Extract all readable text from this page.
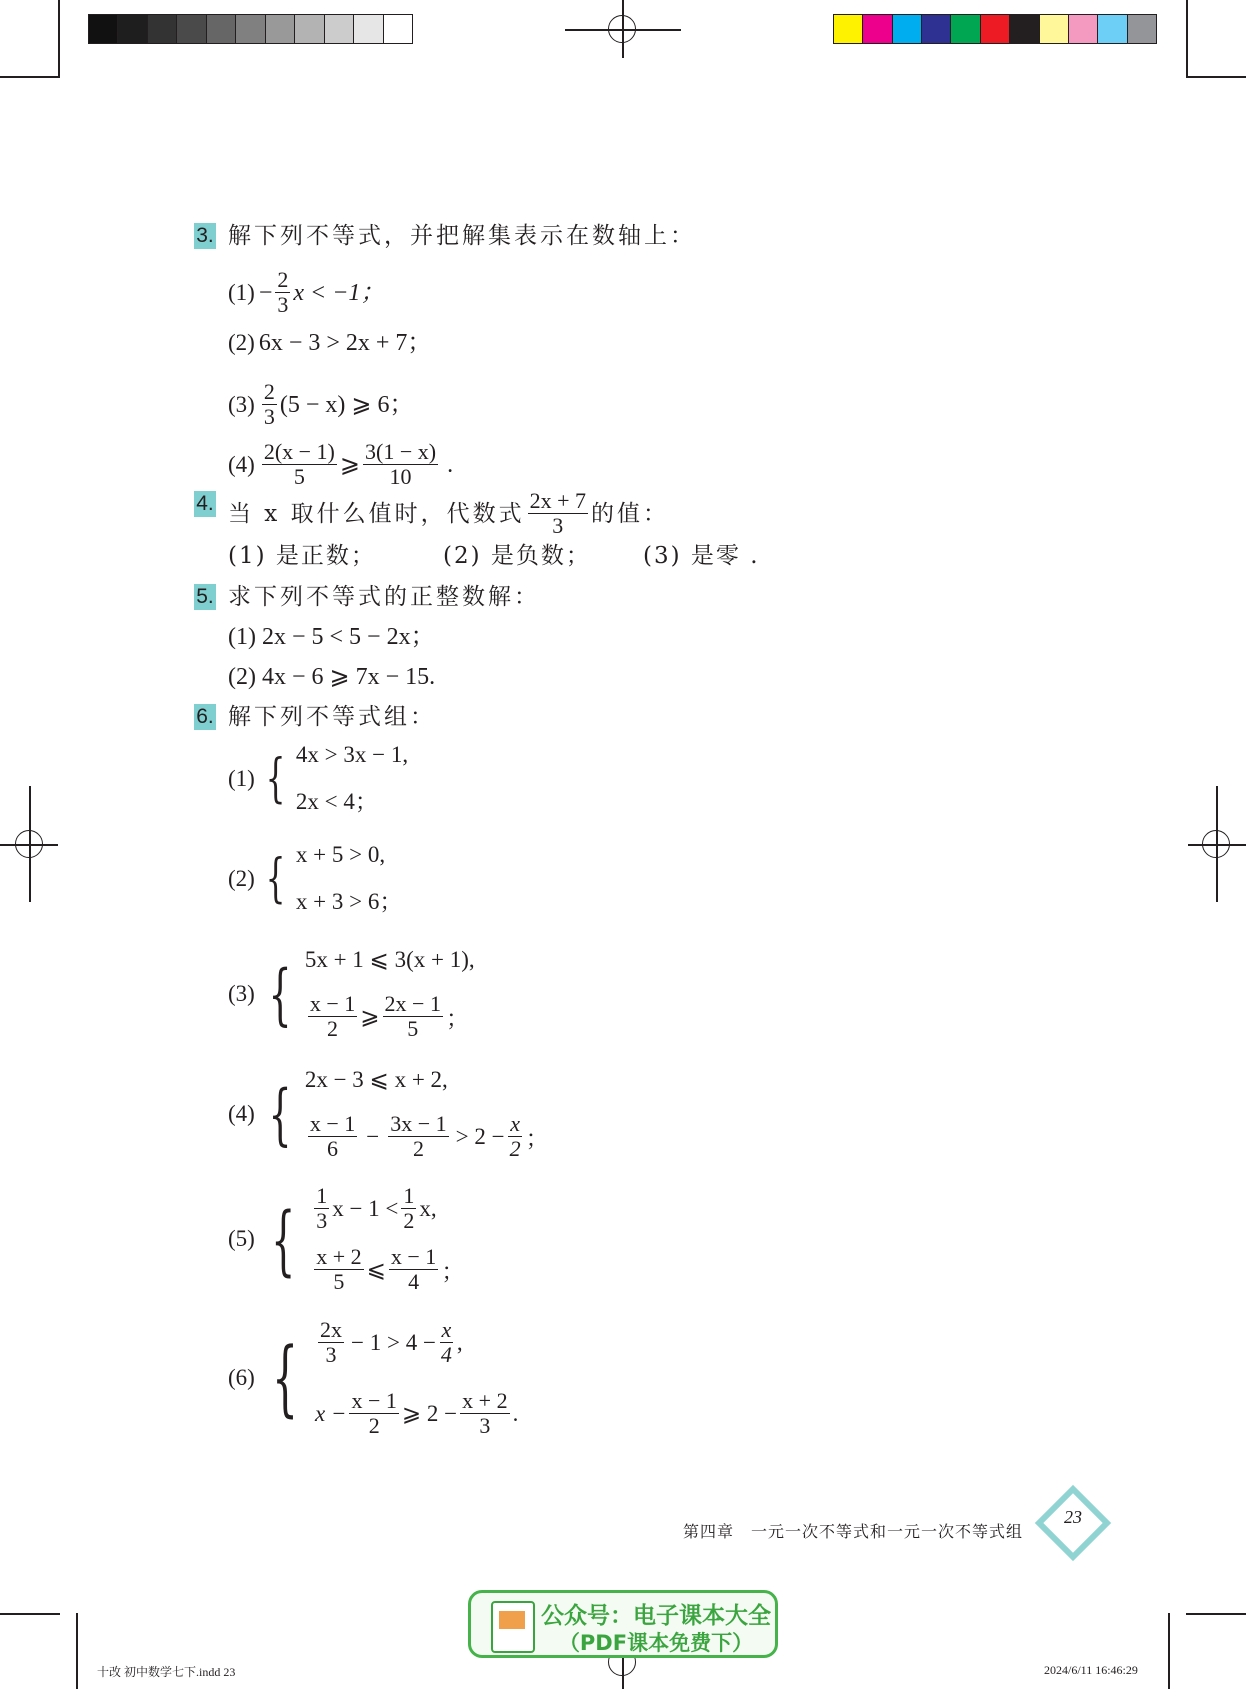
3. 解下列不等式，并把解集表示在数轴上：
$(1) - \frac{2}{3}$ x < −1；
(2) 6x − 3 > 2x + 7；
$(3) \frac{2}{3} (5 - x)$ ⩾ 6；
$(4) \frac{2(x - 1)}{5}$ ⩾ $\frac{3(1 - x)}{10}$ .
4. 当 x 取什么值时，代数式 $\frac{2x + 7}{3}$ 的值：
(1) 是正数；	(2) 是负数；	(3) 是零 .
5. 求下列不等式的正整数解：
(1) 2x − 5 < 5 − 2x；
(2) 4x − 6 ⩾ 7x − 15.
6. 解下列不等式组：
(1) { 4x > 3x − 1,
2x < 4；
(2) { x + 5 > 0,
x + 3 > 6；
(3) { 5x + 1 ⩽ 3(x + 1),
$\frac{x - 1}{2}$ ⩾ $\frac{2x - 1}{5}$ ；
(4) { 2x − 3 ⩽ x + 2,
$\frac{x - 1}{6} - \frac{3x - 1}{2} > 2 - \frac{x}{2}$ ；
(5) { $\frac{1}{3}$ $x - 1 < \frac{1}{2} x$,
$\frac{x + 2}{5}$ ⩽ $\frac{x - 1}{4}$ ；
(6) { $\frac{2x}{3} - 1 > 4 - \frac{x}{4}$ ,
$x - \frac{x - 1}{2}$ ⩾ $2 - \frac{x + 2}{3}$ .
第四章　一元一次不等式和一元一次不等式组
23
公众号：电子课本大全
（PDF课本免费下）
十改 初中数学七下.indd 23	2024/6/11 16:46:29
